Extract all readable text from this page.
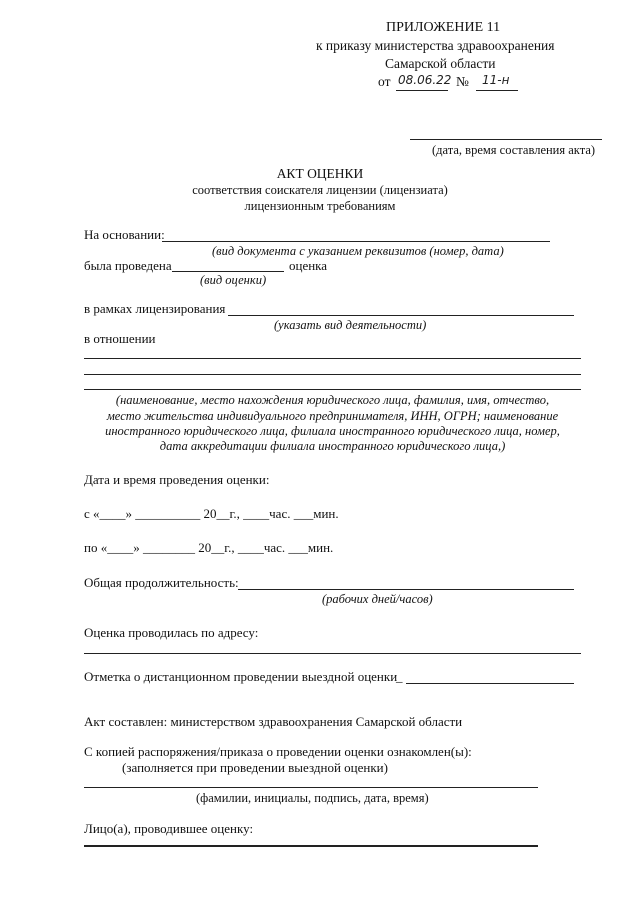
ПРИЛОЖЕНИЕ 11
к приказу министерства здравоохранения
Самарской области
от 08.06.22 № 11-н
(дата, время составления акта)
АКТ ОЦЕНКИ
соответствия соискателя лицензии (лицензиата)
лицензионным требованиям
На основании:
(вид документа с указанием реквизитов (номер, дата)
была проведена	оценка
(вид оценки)
в рамках лицензирования
(указать вид деятельности)
в отношении
(наименование, место нахождения юридического лица, фамилия, имя, отчество,
место жительства индивидуального предпринимателя, ИНН, ОГРН; наименование
иностранного юридического лица, филиала иностранного юридического лица, номер,
дата аккредитации филиала иностранного юридического лица,)
Дата и время проведения оценки:
с «____» __________ 20__г., ____час. ___мин.
по «____» ________ 20__г., ____час. ___мин.
Общая продолжительность:
(рабочих дней/часов)
Оценка проводилась по адресу:
Отметка о дистанционном проведении выездной оценки
_
Акт составлен: министерством здравоохранения Самарской области
С копией распоряжения/приказа о проведении оценки ознакомлен(ы):
(заполняется при проведении выездной оценки)
(фамилии, инициалы, подпись, дата, время)
Лицо(а), проводившее оценку:
